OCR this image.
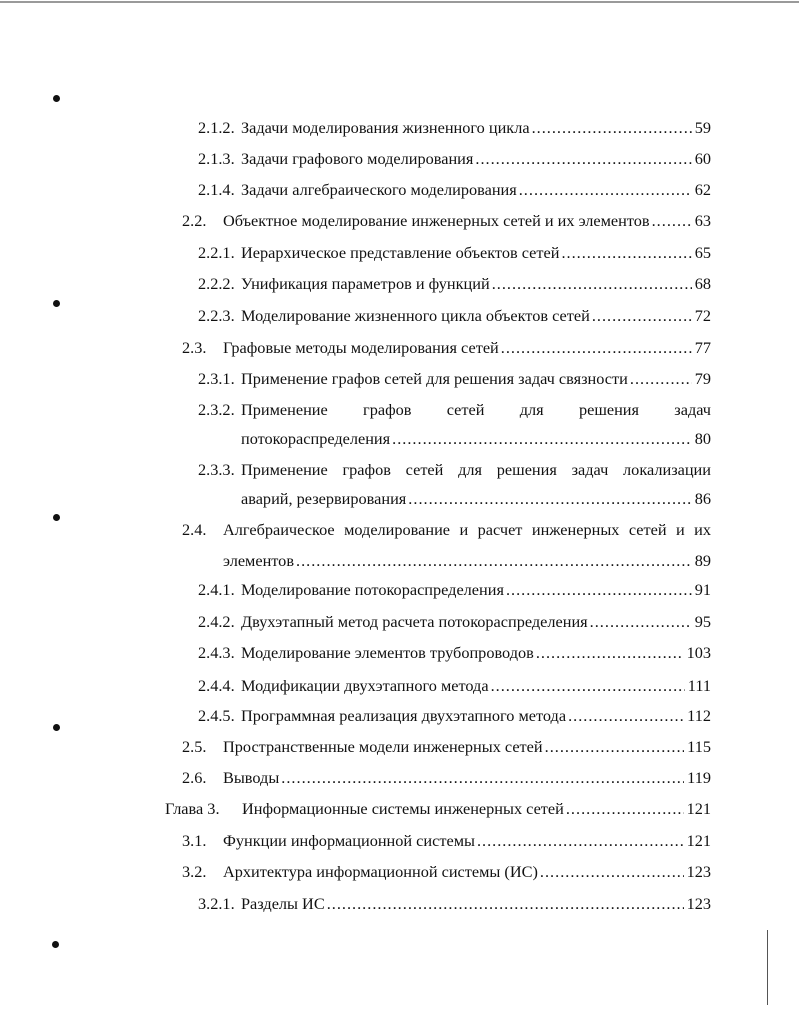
2.1.2. Задачи моделирования жизненного цикла .....	59
2.1.3. Задачи графового моделирования .....	60
2.1.4. Задачи алгебраического моделирования .....	62
2.2.	Объектное моделирование инженерных сетей и их элементов .....	63
2.2.1. Иерархическое представление объектов сетей .....	65
2.2.2. Унификация параметров и функций .....	68
2.2.3. Моделирование жизненного цикла объектов сетей .....	72
2.3.	Графовые методы моделирования сетей .....	77
2.3.1. Применение графов сетей для решения задач связности .....	79
2.3.2. Применение графов сетей для решения задач
потокораспределения .....	80
2.3.3. Применение графов сетей для решения задач локализации
аварий, резервирования .....	86
2.4.	Алгебраическое моделирование и расчет инженерных сетей и их
элементов .....	89
2.4.1. Моделирование потокораспределения .....	91
2.4.2. Двухэтапный метод расчета потокораспределения .....	95
2.4.3. Моделирование элементов трубопроводов .....	103
2.4.4. Модификации двухэтапного метода .....	111
2.4.5. Программная реализация двухэтапного метода .....	112
2.5.	Пространственные модели инженерных сетей .....	115
2.6.	Выводы .....	119
Глава 3.	Информационные системы инженерных сетей .....	121
3.1.	Функции информационной системы .....	121
3.2.	Архитектура информационной системы (ИС) .....	123
3.2.1. Разделы ИС .....	123
